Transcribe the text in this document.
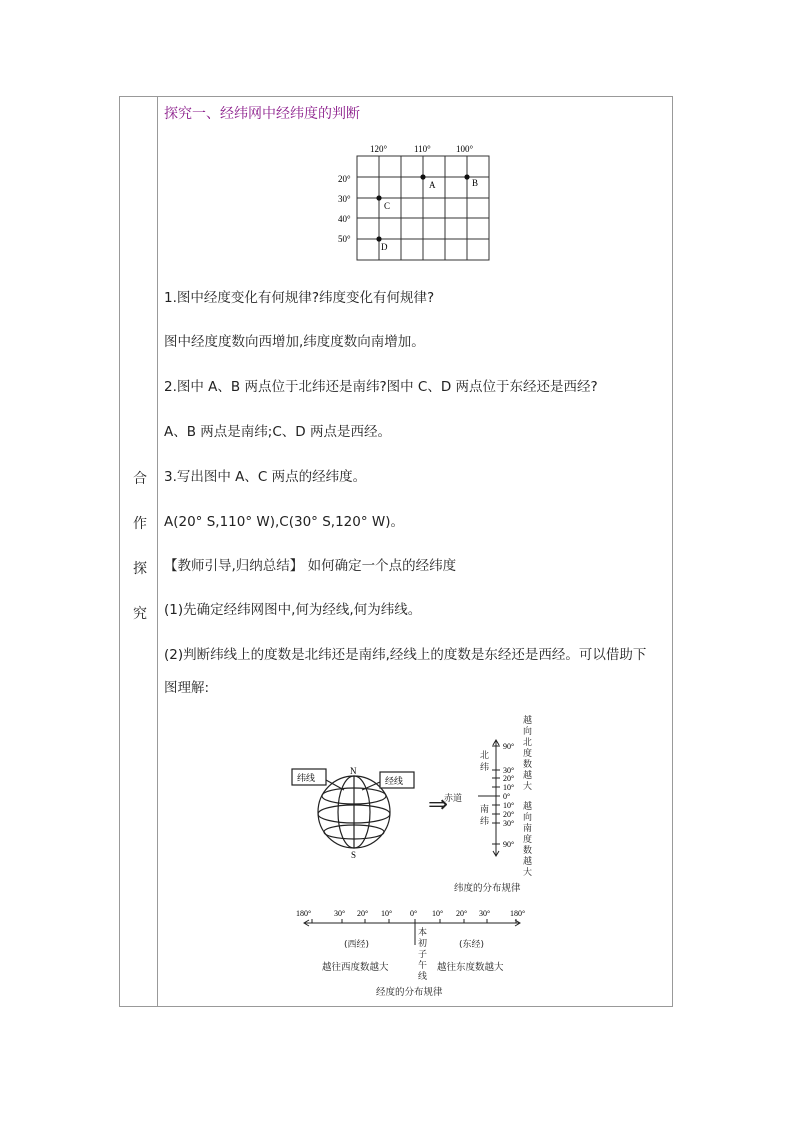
合
作
探
究
探究一、经纬网中经纬度的判断
120°	110°	100°
20°
30°
40°
50°
A	B
C
D
1.图中经度变化有何规律?纬度变化有何规律?
图中经度度数向西增加,纬度度数向南增加。
2.图中 A、B 两点位于北纬还是南纬?图中 C、D 两点位于东经还是西经?
A、B 两点是南纬;C、D 两点是西经。
3.写出图中 A、C 两点的经纬度。
A(20° S,110° W),C(30° S,120° W)。
【教师引导,归纳总结】 如何确定一个点的经纬度
(1)先确定经纬网图中,何为经线,何为纬线。
(2)判断纬线上的度数是北纬还是南纬,经线上的度数是东经还是西经。可以借助下
图理解:
纬线	经线
N
S
⇒
90°
30°
20°
10°
0°
10°
20°
30°
90°
赤道
北纬
南纬
越向北度数越大
越向南度数越大
纬度的分布规律
180°	30° 20° 10° 0° 10° 20° 30° 180°
(西经)	(东经)
本初子午线
越往西度数越大	越往东度数越大
经度的分布规律
